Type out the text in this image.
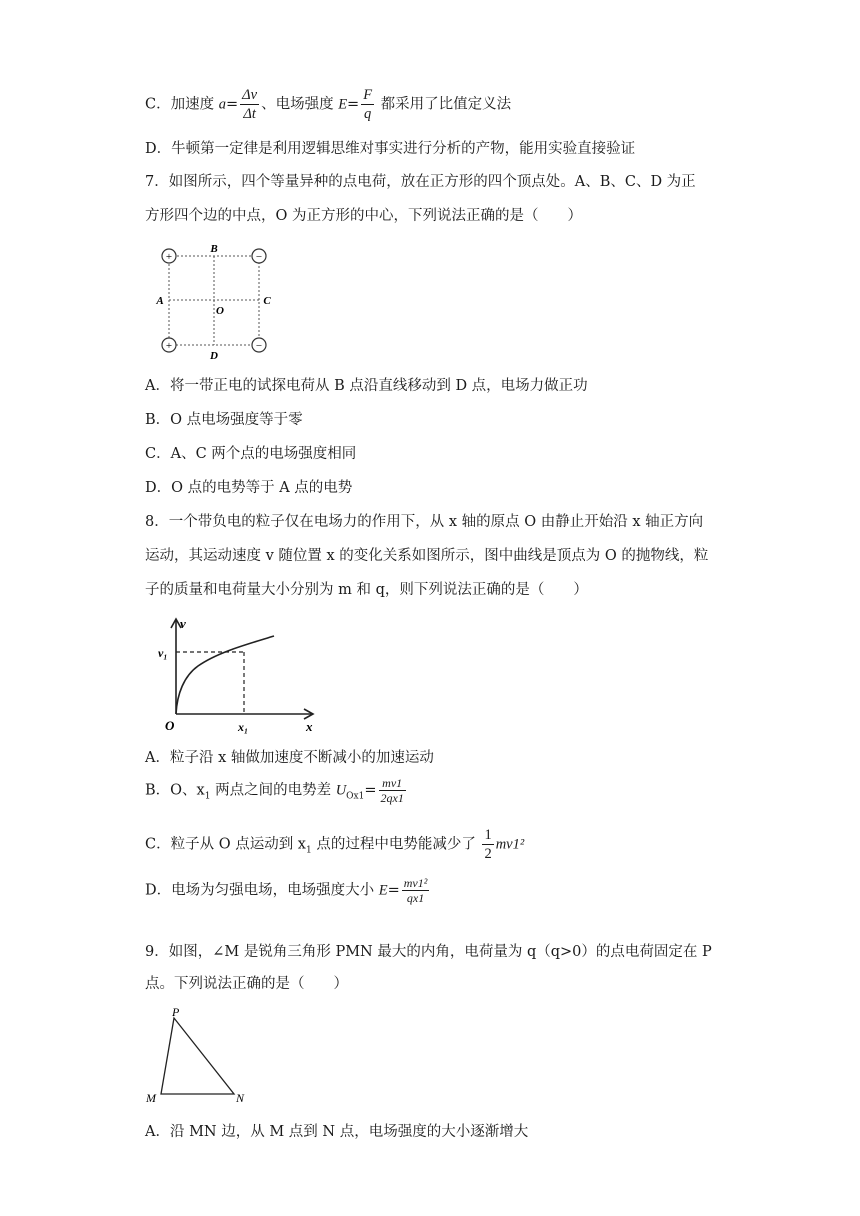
C．加速度 $a= \frac{\Delta v}{\Delta t}$ 、电场强度 $E= \frac{F}{q}$ 都采用了比值定义法
D．牛顿第一定律是利用逻辑思维对事实进行分析的产物，能用实验直接验证
7．如图所示，四个等量异种的点电荷，放在正方形的四个顶点处。A、B、C、D 为正
方形四个边的中点，O 为正方形的中心，下列说法正确的是（　　）
+	−
+	−
B
A	C
O
D
A．将一带正电的试探电荷从 B 点沿直线移动到 D 点，电场力做正功
B．O 点电场强度等于零
C．A、C 两个点的电场强度相同
D．O 点的电势等于 A 点的电势
8．一个带负电的粒子仅在电场力的作用下，从 x 轴的原点 O 由静止开始沿 x 轴正方向
运动，其运动速度 v 随位置 x 的变化关系如图所示，图中曲线是顶点为 O 的抛物线，粒
子的质量和电荷量大小分别为 m 和 q，则下列说法正确的是（　　）
v
v₁
O	x₁	x
A．粒子沿 x 轴做加速度不断减小的加速运动
B．O、$x_1$ 两点之间的电势差 $U_{Ox1}= \frac{mv1}{2qx1}$
C．粒子从 O 点运动到 $x_1$ 点的过程中电势能减少了 $\frac{1}{2} mv1^2$
D．电场为匀强电场，电场强度大小 $E= \frac{\text{mv1²}}{qx1}$
9．如图，∠M 是锐角三角形 PMN 最大的内角，电荷量为 q（q>0）的点电荷固定在 P
点。下列说法正确的是（　　）
P
M	N
A．沿 MN 边，从 M 点到 N 点，电场强度的大小逐渐增大
